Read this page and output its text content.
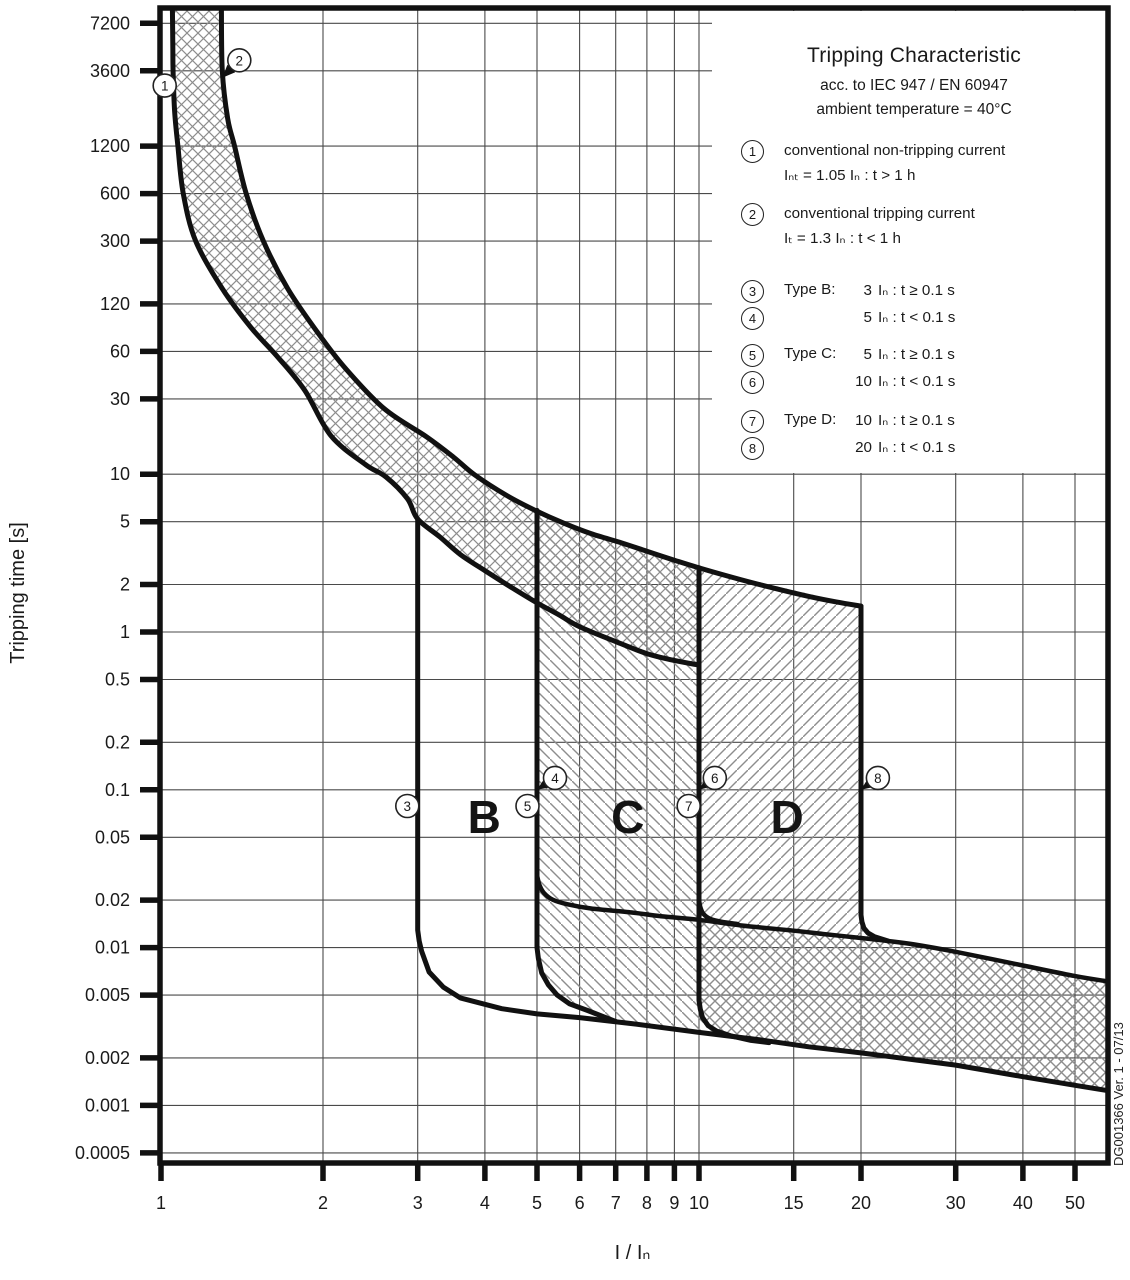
7200
3600
1200
600
300
120
60
30
10
5
2
1
0.5
0.2
0.1
0.05
0.02
0.01
0.005
0.002
0.001
0.0005
1	2	3	4 5 6 7 8 9 10	15	20	30	40 50
B C	D
1
2
3
4
5
6
7
8
Tripping time [s]
I / Iₙ
DG001366 Ver. 1 - 07/13
Tripping Characteristic
acc. to IEC 947 / EN 60947
ambient temperature = 40°C
1	conventional non-tripping current
Iₙₜ = 1.05 Iₙ : t > 1 h
2	conventional tripping current
Iₜ = 1.3 Iₙ : t < 1 h
3
4
Type B:	3 Iₙ : t ≥ 0.1 s
5 Iₙ : t < 0.1 s
5
6
Type C:	5 Iₙ : t ≥ 0.1 s
10 Iₙ : t < 0.1 s
7
8
Type D:	10 Iₙ : t ≥ 0.1 s
20 Iₙ : t < 0.1 s
